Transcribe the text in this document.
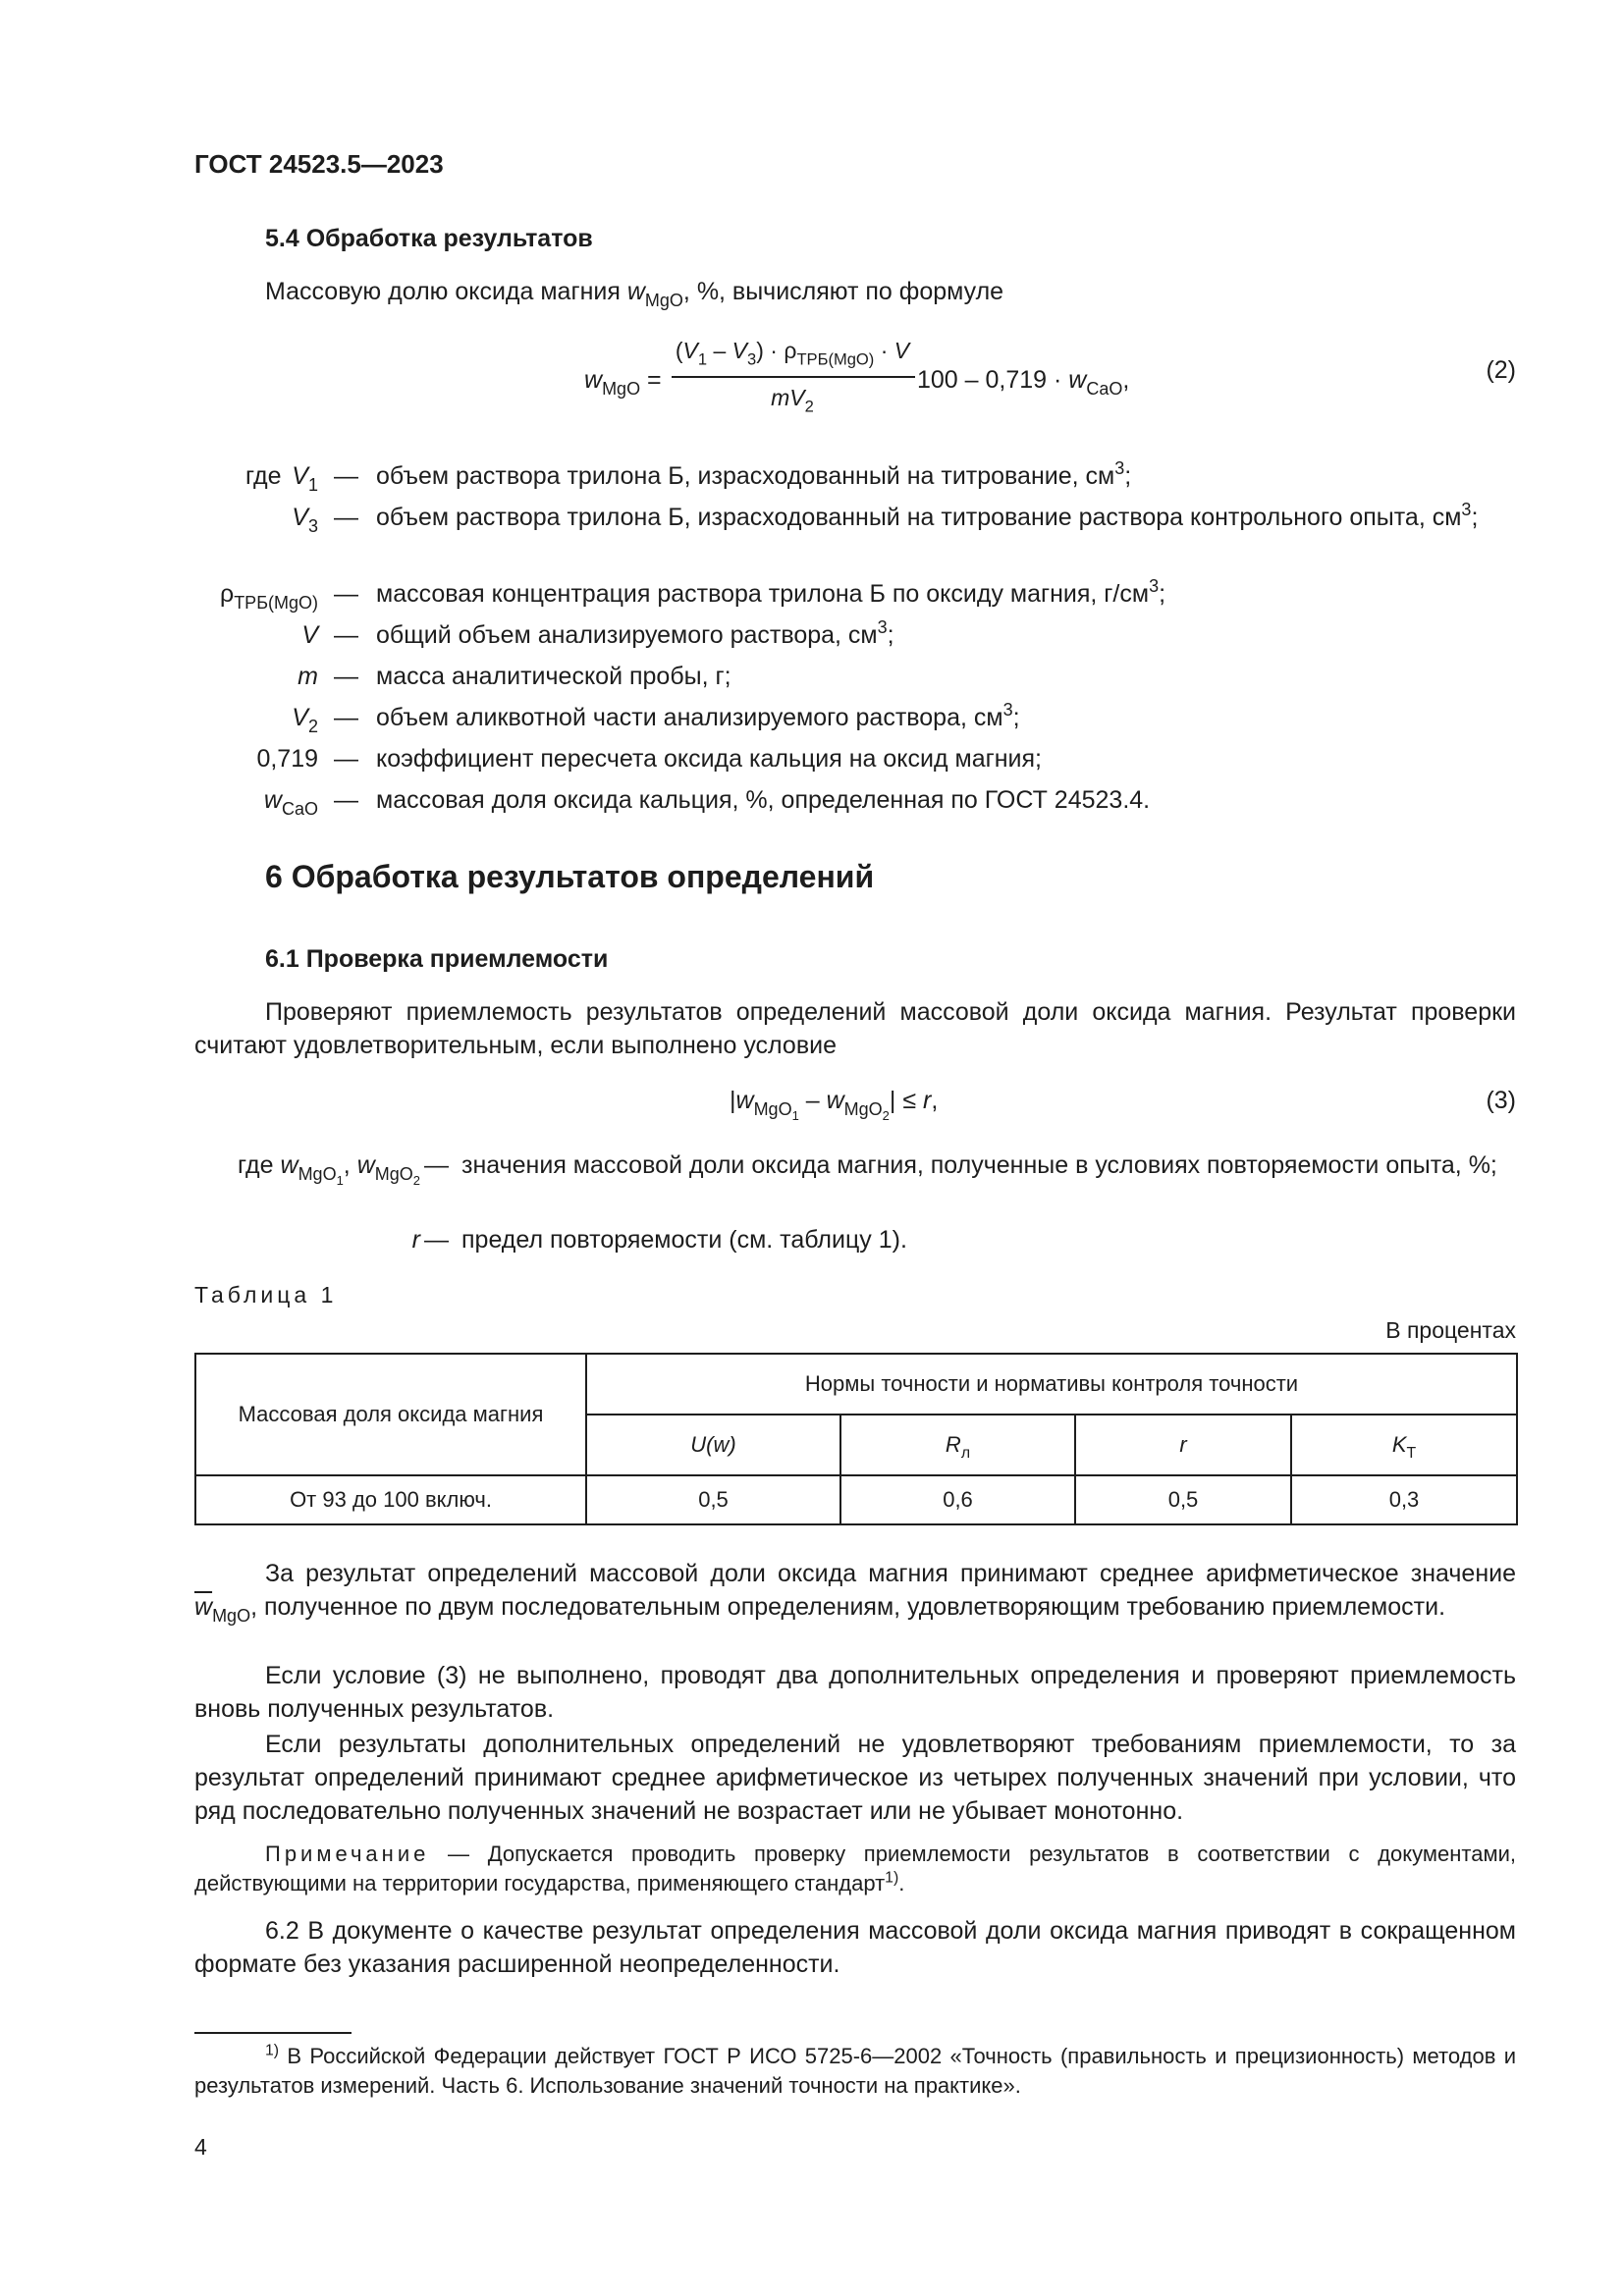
ГОСТ 24523.5—2023
5.4 Обработка результатов
Массовую долю оксида магния $w_{MgO}$, %, вычисляют по формуле
$w_{MgO}$ =
$(V_1 - V_3) \cdot \rho_{ТРБ(MgO)} \cdot V$
$mV_2$
$100 - 0,719 \cdot w_{CaO}$,	(2)
где $V_1$ — объем раствора трилона Б, израсходованный на титрование, $см^3$;
$V_3$ — объем раствора трилона Б, израсходованный на титрование раствора контрольного опыта, $см^3$;
$\rho_{ТРБ(MgO)}$ — массовая концентрация раствора трилона Б по оксиду магния, $г/см^3$;
V — общий объем анализируемого раствора, $см^3$;
m — масса аналитической пробы, г;
$V_2$ — объем аликвотной части анализируемого раствора, $см^3$;
0,719 — коэффициент пересчета оксида кальция на оксид магния;
$w_{CaO}$ — массовая доля оксида кальция, %, определенная по ГОСТ 24523.4.
6 Обработка результатов определений
6.1 Проверка приемлемости
Проверяют приемлемость результатов определений массовой доли оксида магния. Результат проверки считают удовлетворительным, если выполнено условие
$|w_{MgO_1} - w_{MgO_2}| \le r$,	(3)
где $w_{MgO_1}$, $w_{MgO_2}$
— значения массовой доли оксида магния, полученные в условиях повторяемости опыта, %;
r — предел повторяемости (см. таблицу 1).
Таблица 1
В процентах
Массовая доля оксида магния	Нормы точности и нормативы контроля точности			
	U(w)	$R_л$	r	$K_Т$
От 93 до 100 включ.	0,5	0,6	0,5	0,3
За результат определений массовой доли оксида магния принимают среднее арифметическое значение $\overline{w}_{MgO}$, полученное по двум последовательным определениям, удовлетворяющим требованию приемлемости.
Если условие (3) не выполнено, проводят два дополнительных определения и проверяют приемлемость вновь полученных результатов.
Если результаты дополнительных определений не удовлетворяют требованиям приемлемости, то за результат определений принимают среднее арифметическое из четырех полученных значений при условии, что ряд последовательно полученных значений не возрастает или не убывает монотонно.
Примечание — Допускается проводить проверку приемлемости результатов в соответствии с документами, действующими на территории государства, применяющего стандарт$^{1)}$.
6.2 В документе о качестве результат определения массовой доли оксида магния приводят в сокращенном формате без указания расширенной неопределенности.
$^{1)}$ В Российской Федерации действует ГОСТ Р ИСО 5725-6—2002 «Точность (правильность и прецизионность) методов и результатов измерений. Часть 6. Использование значений точности на практике».
4
